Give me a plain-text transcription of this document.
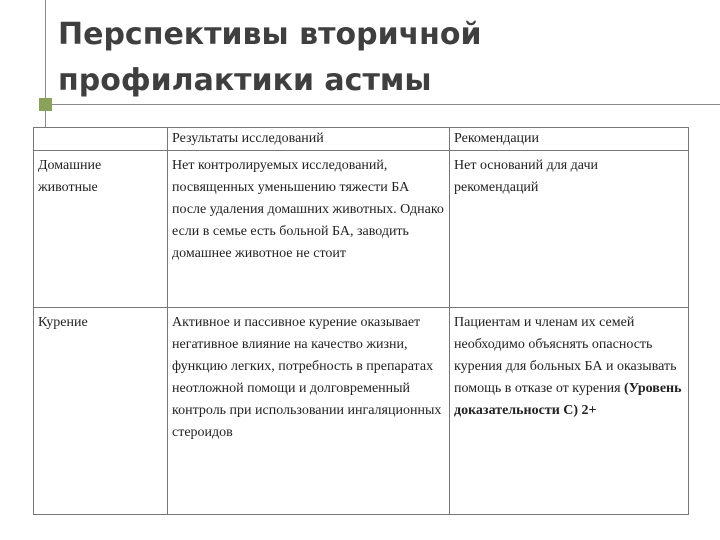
Перспективы вторичной профилактики астмы
	Результаты исследований	Рекомендации
Домашние животные	Нет контролируемых исследований, посвященных уменьшению тяжести БА после удаления домашних животных. Однако если в семье есть больной БА, заводить домашнее животное не стоит	Нет оснований для дачи рекомендаций
Курение	Активное и пассивное курение оказывает негативное влияние на качество жизни, функцию легких, потребность в препаратах неотложной помощи и долговременный контроль при использовании ингаляционных стероидов	Пациентам и членам их семей необходимо объяснять опасность курения для больных БА и оказывать помощь в отказе от курения (Уровень доказательности С) 2+
